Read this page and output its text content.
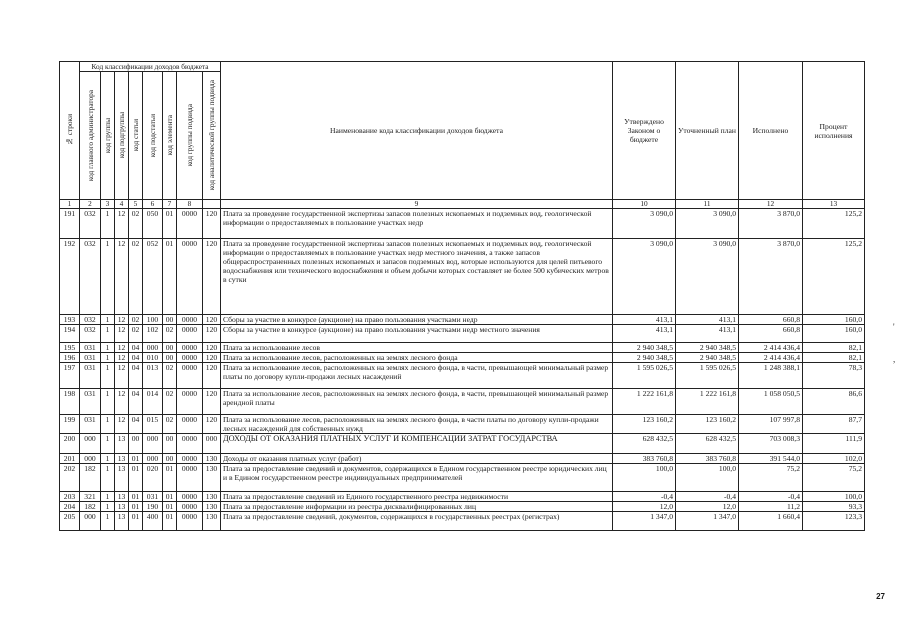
'
,
№ строки	Код классификации доходов бюджета								Наименование кода классификации доходов бюджета	Утверждено Законом о бюджете	Уточненный план	Исполнено	Процент исполнения

	код главного администратора	код группы	код подгруппы	код статьи	код подстатьи	код элемента	код группы подвида	код аналитической группы подвида					

1	2	3	4	5	6	7	8		9	10	11	12	13
191	032	1	12	02	050	01	0000	120	Плата за проведение государственной экспертизы запасов полезных ископаемых и подземных вод, геологической информации о предоставляемых в пользование участках недр	3 090,0	3 090,0	3 870,0	125,2
192	032	1	12	02	052	01	0000	120	Плата за проведение государственной экспертизы запасов полезных ископаемых и подземных вод, геологической информации о предоставляемых в пользование участках недр местного значения, а также запасов общераспространенных полезных ископаемых и запасов подземных вод, которые используются для целей питьевого водоснабжения или технического водоснабжения и объем добычи которых составляет не более 500 кубических метров в сутки	3 090,0	3 090,0	3 870,0	125,2
193	032	1	12	02	100	00	0000	120	Сборы за участие в конкурсе (аукционе) на право пользования участками недр	413,1	413,1	660,8	160,0
194	032	1	12	02	102	02	0000	120	Сборы за участие в конкурсе (аукционе) на право пользования участками недр местного значения	413,1	413,1	660,8	160,0
195	031	1	12	04	000	00	0000	120	Плата за использование лесов	2 940 348,5	2 940 348,5	2 414 436,4	82,1
196	031	1	12	04	010	00	0000	120	Плата за использование лесов, расположенных на землях лесного фонда	2 940 348,5	2 940 348,5	2 414 436,4	82,1
197	031	1	12	04	013	02	0000	120	Плата за использование лесов, расположенных на землях лесного фонда, в части, превышающей минимальный размер платы по договору купли-продажи лесных насаждений	1 595 026,5	1 595 026,5	1 248 388,1	78,3
198	031	1	12	04	014	02	0000	120	Плата за использование лесов, расположенных на землях лесного фонда, в части, превышающей минимальный размер арендной платы	1 222 161,8	1 222 161,8	1 058 050,5	86,6
199	031	1	12	04	015	02	0000	120	Плата за использование лесов, расположенных на землях лесного фонда, в части платы по договору купли-продажи лесных насаждений для собственных нужд	123 160,2	123 160,2	107 997,8	87,7
200	000	1	13	00	000	00	0000	000	ДОХОДЫ ОТ ОКАЗАНИЯ ПЛАТНЫХ УСЛУГ И КОМПЕНСАЦИИ ЗАТРАТ ГОСУДАРСТВА	628 432,5	628 432,5	703 008,3	111,9
201	000	1	13	01	000	00	0000	130	Доходы от оказания платных услуг (работ)	383 760,8	383 760,8	391 544,0	102,0
202	182	1	13	01	020	01	0000	130	Плата за предоставление сведений и документов, содержащихся в Едином государственном реестре юридических лиц и в Едином государственном реестре индивидуальных предпринимателей	100,0	100,0	75,2	75,2
203	321	1	13	01	031	01	0000	130	Плата за предоставление сведений из Единого государственного реестра недвижимости	-0,4	-0,4	-0,4	100,0
204	182	1	13	01	190	01	0000	130	Плата за предоставление информации из реестра дисквалифицированных лиц	12,0	12,0	11,2	93,3
205	000	1	13	01	400	01	0000	130	Плата за предоставление сведений, документов, содержащихся в государственных реестрах (регистрах)	1 347,0	1 347,0	1 660,4	123,3
27
